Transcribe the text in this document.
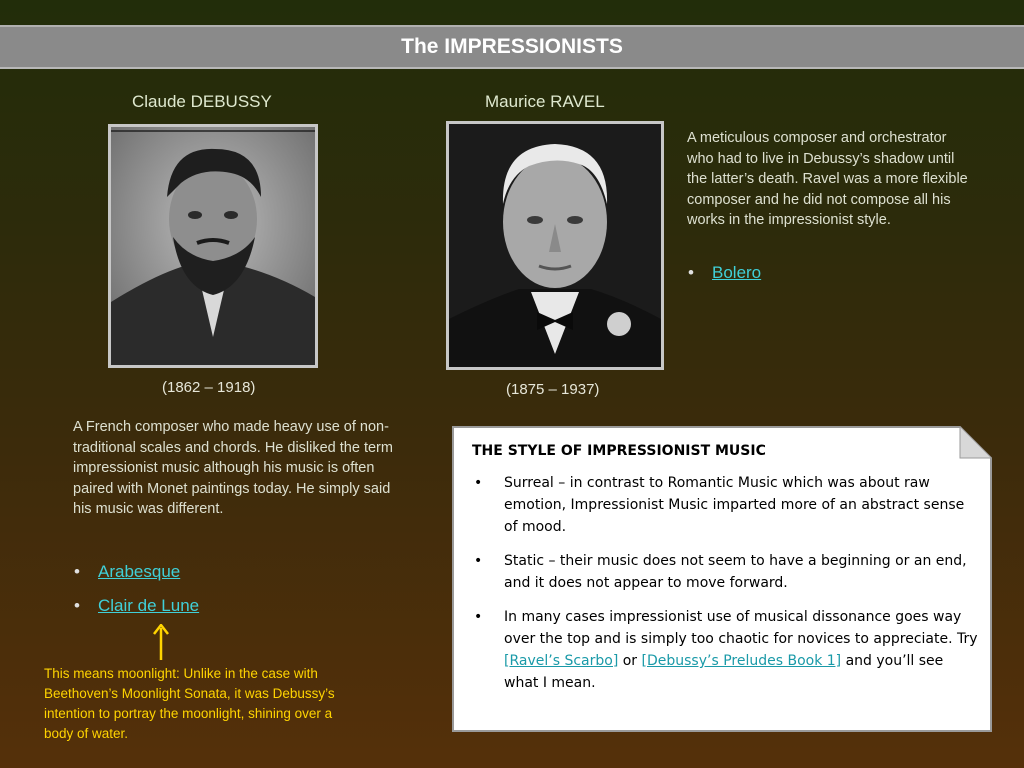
The IMPRESSIONISTS
Claude DEBUSSY
(1862 – 1918)
A French composer who made heavy use of non-traditional scales and chords. He disliked the term impressionist music although his music is often paired with Monet paintings today. He simply said his music was different.
• Arabesque
• Clair de Lune
This means moonlight: Unlike in the case with Beethoven’s Moonlight Sonata, it was Debussy’s intention to portray the moonlight, shining over a body of water.
Maurice RAVEL
(1875 – 1937)
A meticulous composer and orchestrator who had to live in Debussy’s shadow until the latter’s death. Ravel was a more flexible composer and he did not compose all his works in the impressionist style.
• Bolero
THE STYLE OF IMPRESSIONIST MUSIC
• Surreal – in contrast to Romantic Music which was about raw emotion, Impressionist Music imparted more of an abstract sense of mood.
• Static – their music does not seem to have a beginning or an end, and it does not appear to move forward.
• In many cases impressionist use of musical dissonance goes way over the top and is simply too chaotic for novices to appreciate. Try [Ravel’s Scarbo] or [Debussy’s Preludes Book 1] and you’ll see what I mean.
